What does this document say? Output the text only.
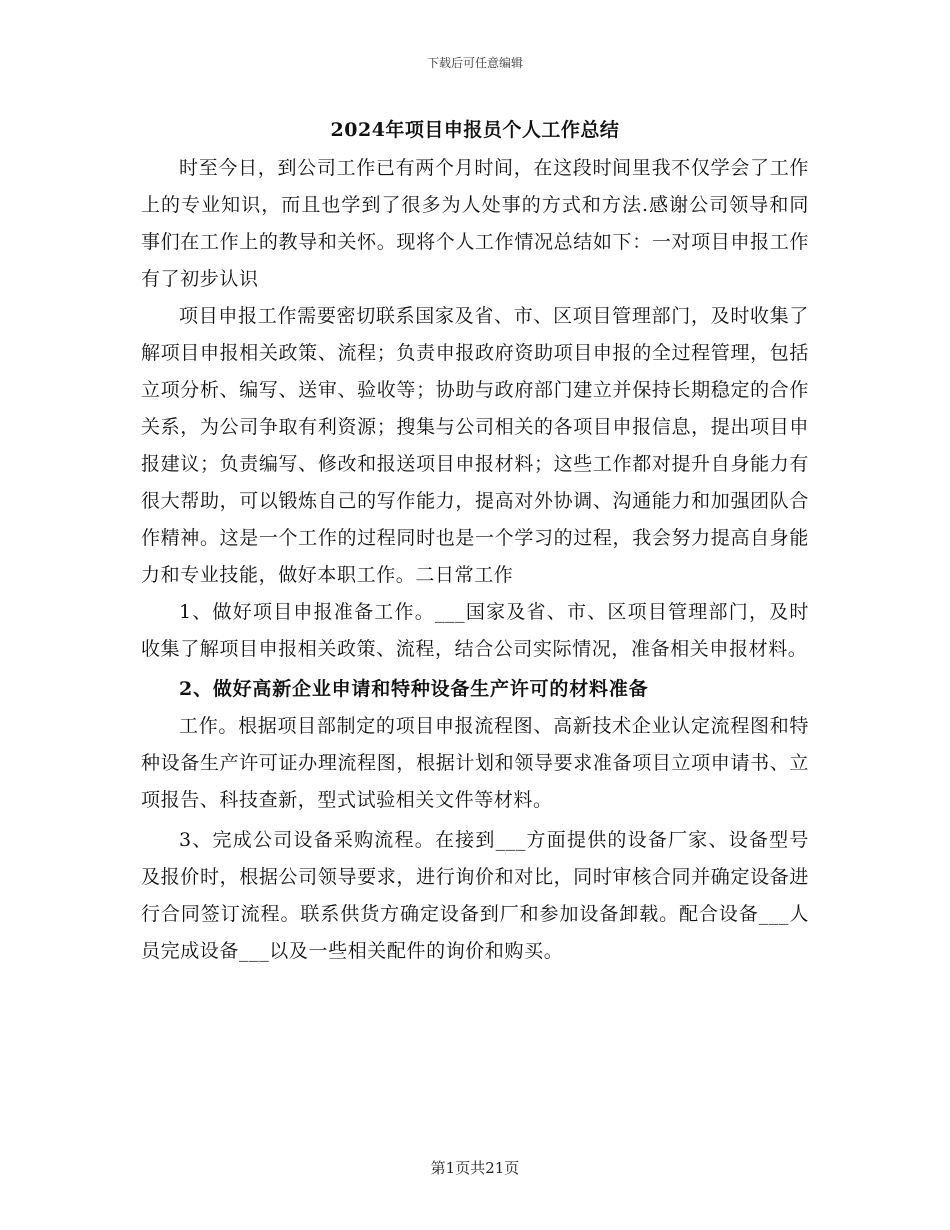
下载后可任意编辑
2024年项目申报员个人工作总结

时至今日，到公司工作已有两个月时间，在这段时间里我不仅学会了工作上的专业知识，而且也学到了很多为人处事的方式和方法.感谢公司领导和同事们在工作上的教导和关怀。现将个人工作情况总结如下：一对项目申报工作有了初步认识

项目申报工作需要密切联系国家及省、市、区项目管理部门，及时收集了解项目申报相关政策、流程；负责申报政府资助项目申报的全过程管理，包括立项分析、编写、送审、验收等；协助与政府部门建立并保持长期稳定的合作关系，为公司争取有利资源；搜集与公司相关的各项目申报信息，提出项目申报建议；负责编写、修改和报送项目申报材料；这些工作都对提升自身能力有很大帮助，可以锻炼自己的写作能力，提高对外协调、沟通能力和加强团队合作精神。这是一个工作的过程同时也是一个学习的过程，我会努力提高自身能力和专业技能，做好本职工作。二日常工作

1、做好项目申报准备工作。___国家及省、市、区项目管理部门，及时收集了解项目申报相关政策、流程，结合公司实际情况，准备相关申报材料。

2、做好高新企业申请和特种设备生产许可的材料准备

工作。根据项目部制定的项目申报流程图、高新技术企业认定流程图和特种设备生产许可证办理流程图，根据计划和领导要求准备项目立项申请书、立项报告、科技查新，型式试验相关文件等材料。

3、完成公司设备采购流程。在接到___方面提供的设备厂家、设备型号及报价时，根据公司领导要求，进行询价和对比，同时审核合同并确定设备进行合同签订流程。联系供货方确定设备到厂和参加设备卸载。配合设备___人员完成设备___以及一些相关配件的询价和购买。

第1页共21页
